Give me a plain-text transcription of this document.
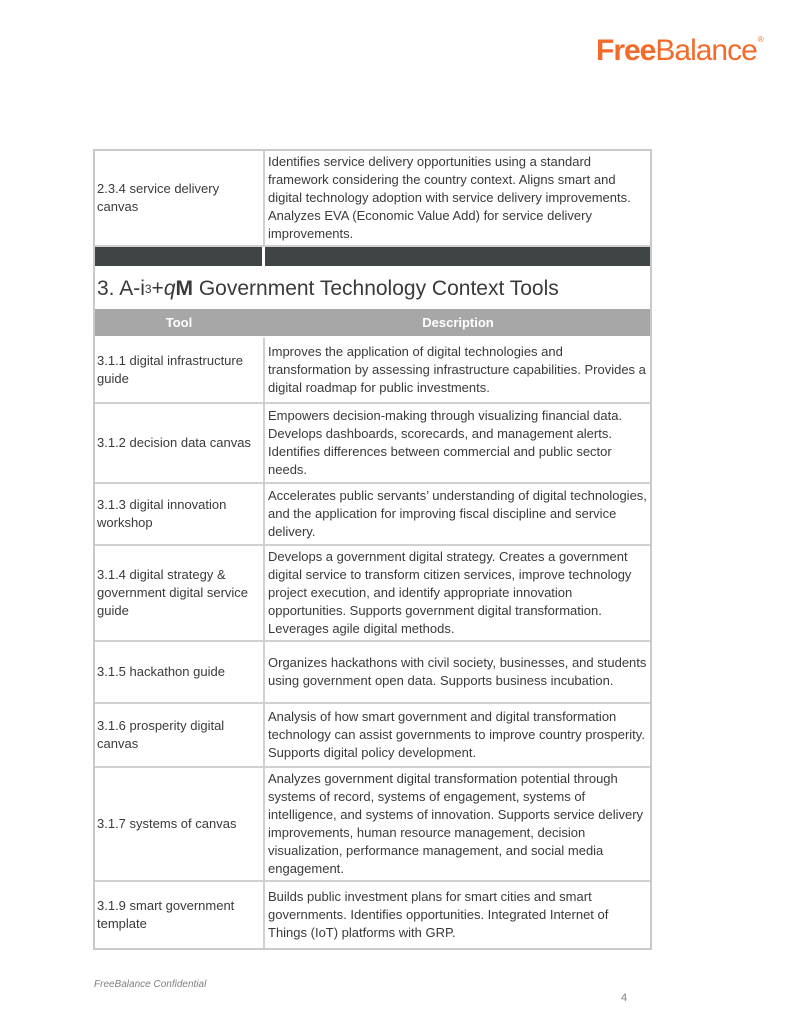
FreeBalance®
2.3.4 service delivery canvas
Identifies service delivery opportunities using a standard framework considering the country context. Aligns smart and digital technology adoption with service delivery improvements. Analyzes EVA (Economic Value Add) for service delivery improvements.
3. A-i 3 + q M Government Technology Context Tools
Tool	Description
3.1.1 digital infrastructure guide
Improves the application of digital technologies and transformation by assessing infrastructure capabilities. Provides a digital roadmap for public investments.
3.1.2 decision data canvas
Empowers decision-making through visualizing financial data. Develops dashboards, scorecards, and management alerts. Identifies differences between commercial and public sector needs.
3.1.3 digital innovation workshop
Accelerates public servants’ understanding of digital technologies, and the application for improving fiscal discipline and service delivery.
3.1.4 digital strategy & government digital service guide
Develops a government digital strategy. Creates a government digital service to transform citizen services, improve technology project execution, and identify appropriate innovation opportunities. Supports government digital transformation. Leverages agile digital methods.
3.1.5 hackathon guide
Organizes hackathons with civil society, businesses, and students using government open data. Supports business incubation.
3.1.6 prosperity digital canvas
Analysis of how smart government and digital transformation technology can assist governments to improve country prosperity. Supports digital policy development.
3.1.7 systems of canvas
Analyzes government digital transformation potential through systems of record, systems of engagement, systems of intelligence, and systems of innovation. Supports service delivery improvements, human resource management, decision visualization, performance management, and social media engagement.
3.1.9 smart government template
Builds public investment plans for smart cities and smart governments. Identifies opportunities. Integrated Internet of Things (IoT) platforms with GRP.
FreeBalance Confidential
4
